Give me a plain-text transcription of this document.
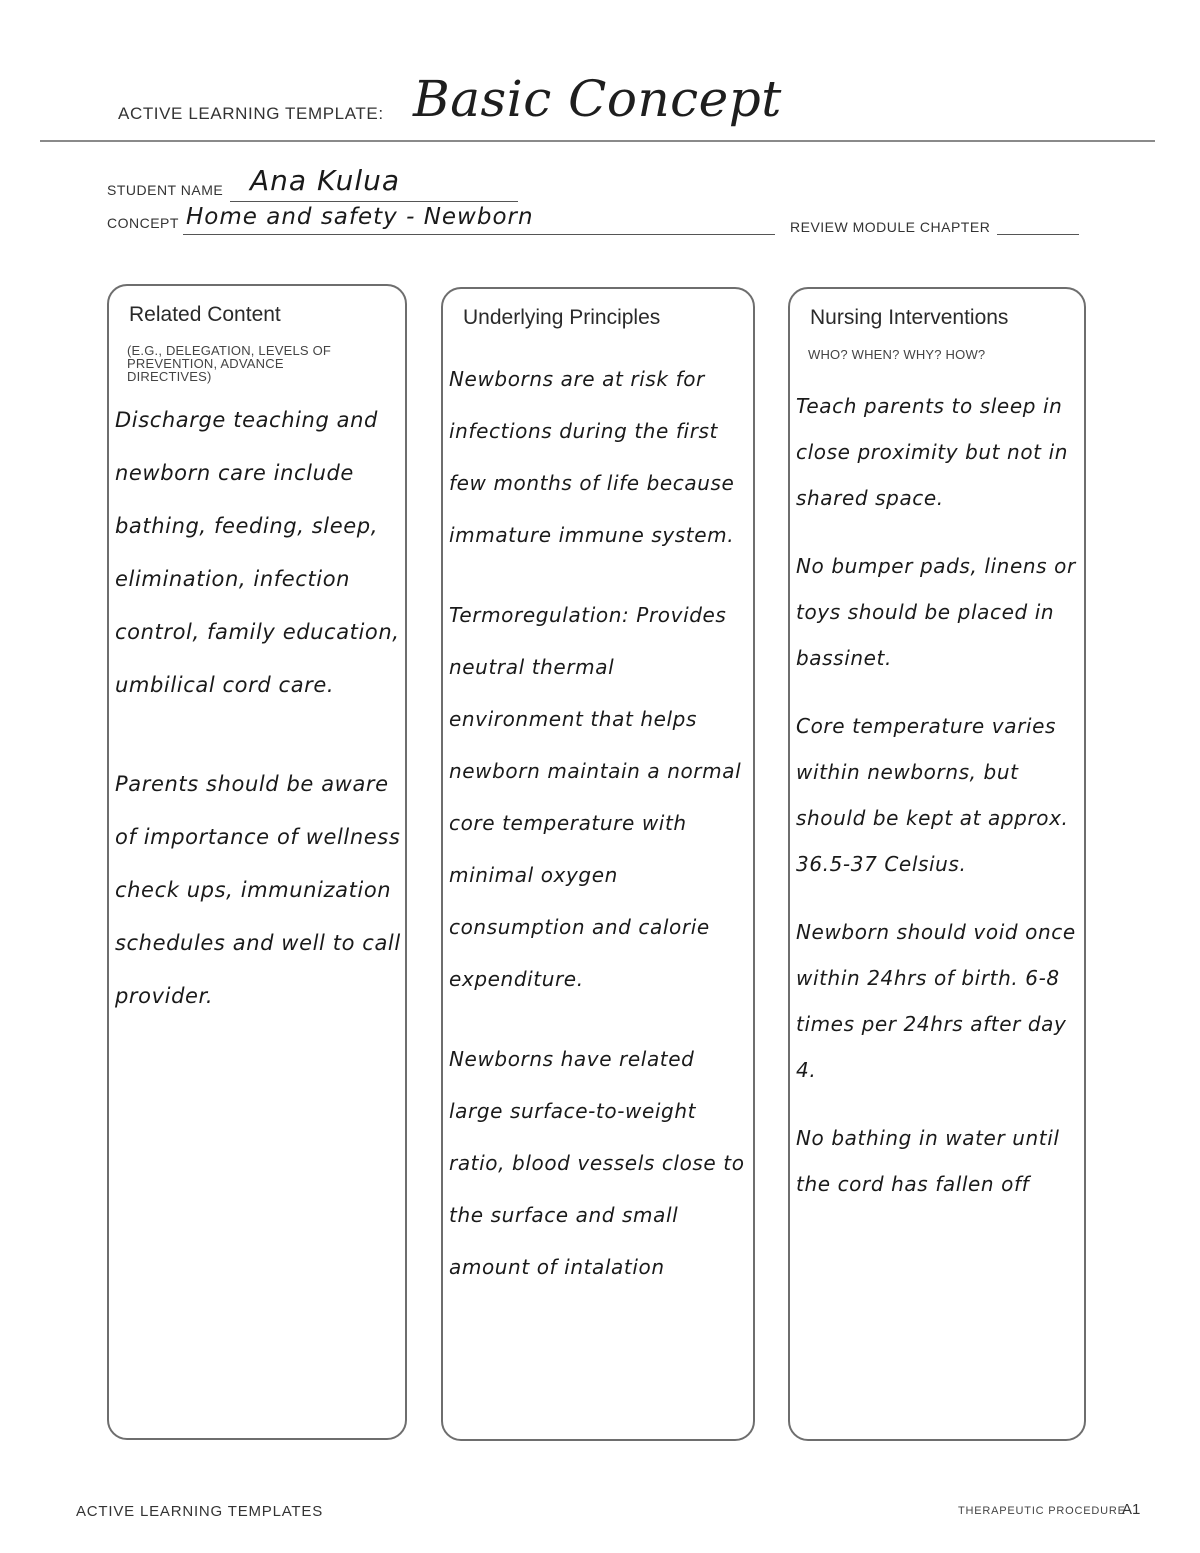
ACTIVE LEARNING TEMPLATE: Basic Concept
STUDENT NAME Ana Kulua
CONCEPT Home and safety - Newborn	REVIEW MODULE CHAPTER
Related Content
(E.G., DELEGATION, LEVELS OF PREVENTION, ADVANCE DIRECTIVES)

Discharge teaching and newborn care include bathing, feeding, sleep, elimination, infection control, family education, umbilical cord care.

Parents should be aware of importance of wellness check ups, immunization schedules and well to call provider.

Underlying Principles

Newborns are at risk for infections during the first few months of life because immature immune system.

Termoregulation: Provides neutral thermal environment that helps newborn maintain a normal core temperature with minimal oxygen consumption and calorie expenditure.

Newborns have related large surface-to-weight ratio, blood vessels close to the surface and small amount of intalation

Nursing Interventions
WHO? WHEN? WHY? HOW?

Teach parents to sleep in close proximity but not in shared space.

No bumper pads, linens or toys should be placed in bassinet.

Core temperature varies within newborns, but should be kept at approx. 36.5-37 Celsius.

Newborn should void once within 24hrs of birth. 6-8 times per 24hrs after day 4.

No bathing in water until the cord has fallen off

ACTIVE LEARNING TEMPLATES	THERAPEUTIC PROCEDURE
A1
